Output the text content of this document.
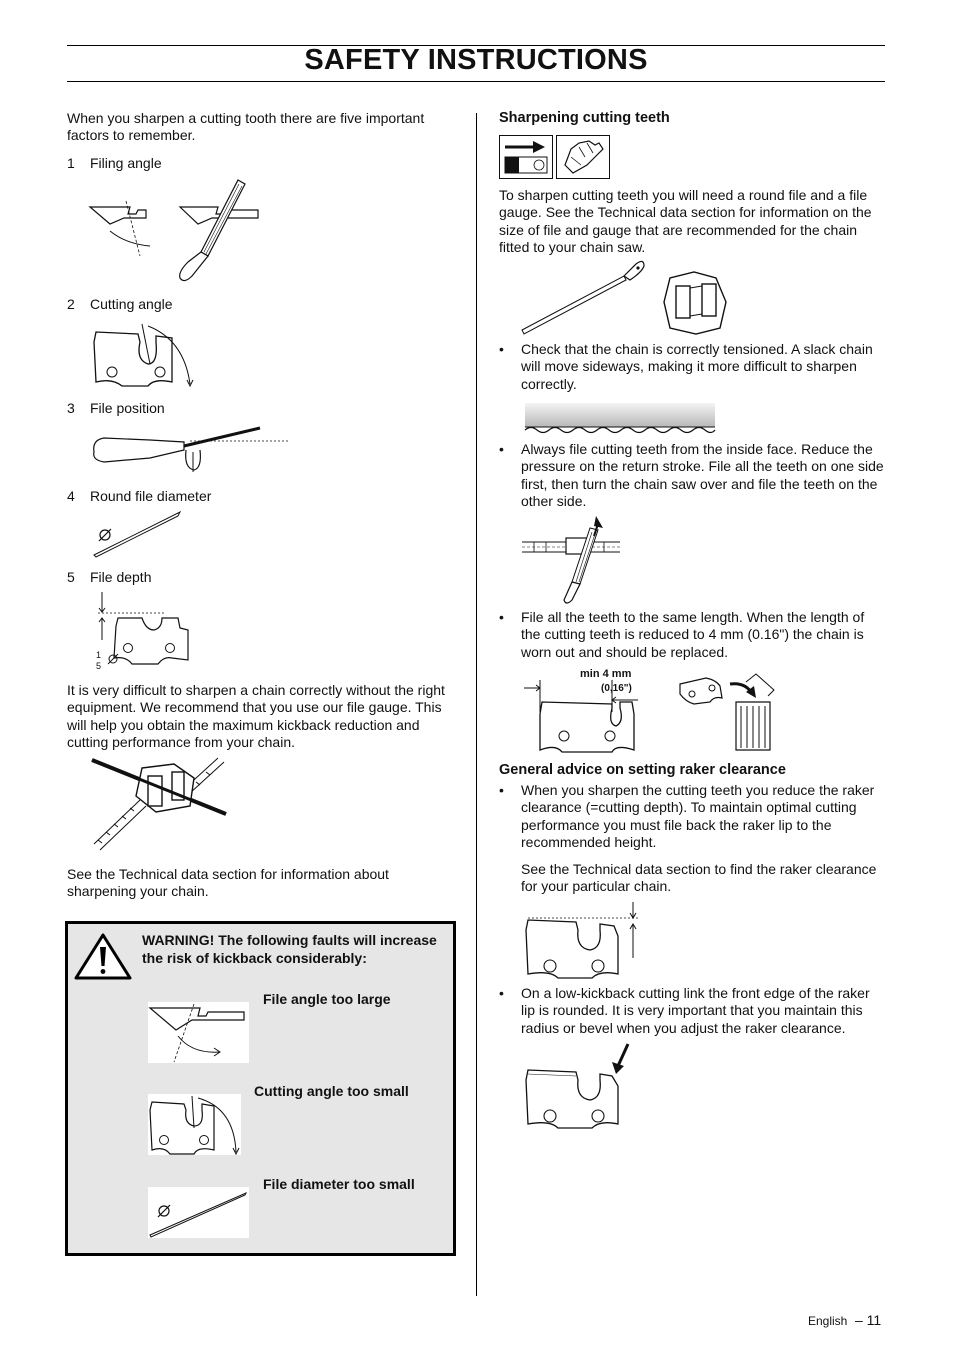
SAFETY INSTRUCTIONS
When you sharpen a cutting tooth there are five important factors to remember.
1 Filing angle
2 Cutting angle
3 File position
4 Round file diameter
5 File depth
1
5
It is very difficult to sharpen a chain correctly without the right equipment. We recommend that you use our file gauge. This will help you obtain the maximum kickback reduction and cutting performance from your chain.
See the Technical data section for information about sharpening your chain.
WARNING! The following faults will increase the risk of kickback considerably:
File angle too large
Cutting angle too small
File diameter too small
Sharpening cutting teeth
To sharpen cutting teeth you will need a round file and a file gauge. See the Technical data section for information on the size of file and gauge that are recommended for the chain fitted to your chain saw.
• Check that the chain is correctly tensioned. A slack chain will move sideways, making it more difficult to sharpen correctly.
• Always file cutting teeth from the inside face. Reduce the pressure on the return stroke. File all the teeth on one side first, then turn the chain saw over and file the teeth on the other side.
• File all the teeth to the same length. When the length of the cutting teeth is reduced to 4 mm (0.16") the chain is worn out and should be replaced.
min 4 mm
(0,16")
General advice on setting raker clearance
• When you sharpen the cutting teeth you reduce the raker clearance (=cutting depth). To maintain optimal cutting performance you must file back the raker lip to the recommended height.
See the Technical data section to find the raker clearance for your particular chain.
• On a low-kickback cutting link the front edge of the raker lip is rounded. It is very important that you maintain this radius or bevel when you adjust the raker clearance.
English – 11
